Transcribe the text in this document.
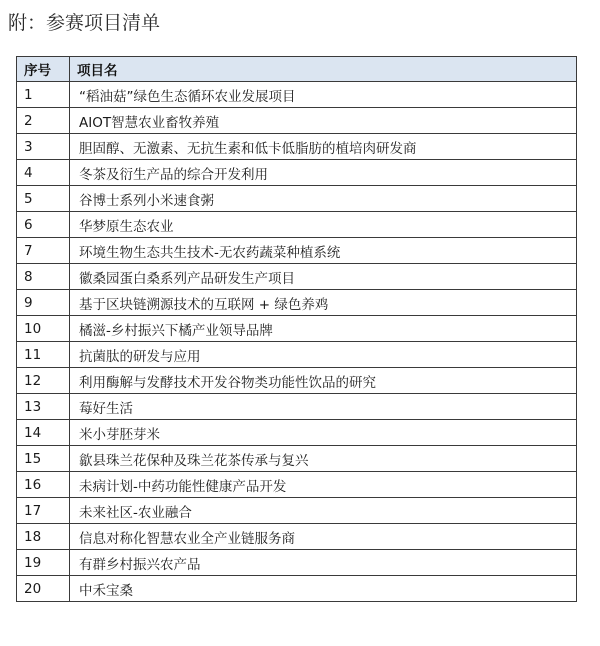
附：参赛项目清单
序号	项目名
1	“稻油菇”绿色生态循环农业发展项目
2	AIOT智慧农业畜牧养殖
3	胆固醇、无激素、无抗生素和低卡低脂肪的植培肉研发商
4	冬茶及衍生产品的综合开发利用
5	谷博士系列小米速食粥
6	华梦原生态农业
7	环境生物生态共生技术-无农药蔬菜种植系统
8	徽桑园蛋白桑系列产品研发生产项目
9	基于区块链溯源技术的互联网 + 绿色养鸡
10	橘滋-乡村振兴下橘产业领导品牌
11	抗菌肽的研发与应用
12	利用酶解与发酵技术开发谷物类功能性饮品的研究
13	莓好生活
14	米小芽胚芽米
15	歙县珠兰花保种及珠兰花茶传承与复兴
16	未病计划-中药功能性健康产品开发
17	未来社区-农业融合
18	信息对称化智慧农业全产业链服务商
19	有群乡村振兴农产品
20	中禾宝桑
